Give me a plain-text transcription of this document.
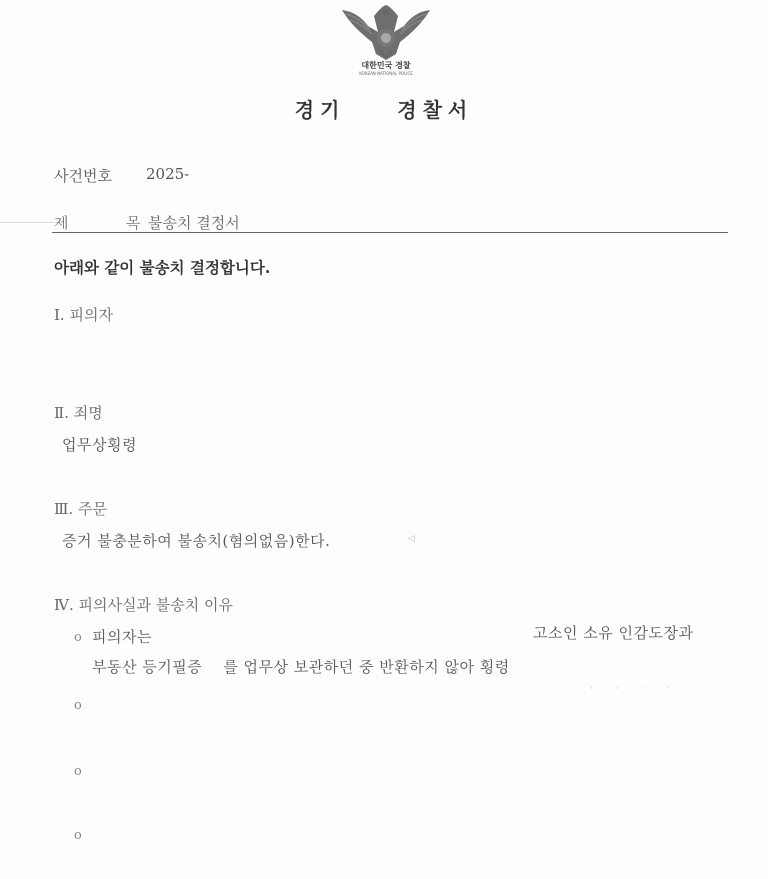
대한민국 경찰
KOREAN NATIONAL POLICE
경기    경찰서
사건번호 2025-
제  목
불송치 결정서
아래와 같이 불송치 결정합니다.
Ⅰ. 피의자
Ⅱ. 죄명
업무상횡령
Ⅲ. 주문
증거 불충분하여 불송치(혐의없음)한다.	◁
Ⅳ. 피의사실과 불송치 이유
o 피의자는	고소인 소유 인감도장과
부동산 등기필증    를 업무상 보관하던 중 반환하지 않아 횡령
· · · ·
o
o
o
